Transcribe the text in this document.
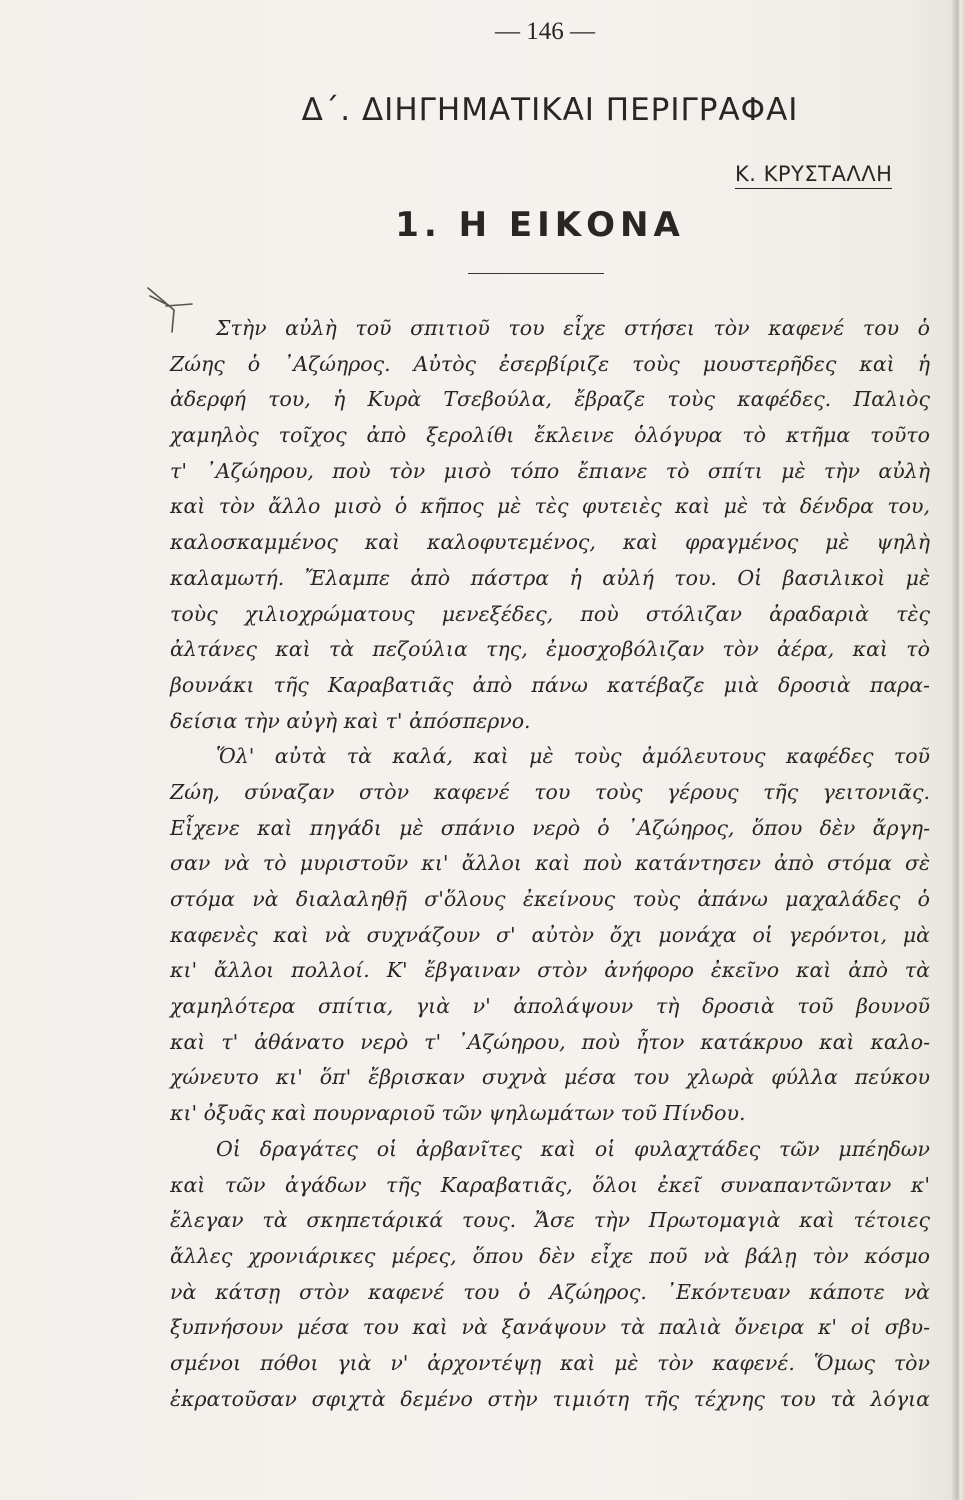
— 146 —
Δ΄. ΔΙΗΓΗΜΑΤΙΚΑΙ ΠΕΡΙΓΡΑΦΑΙ
Κ. ΚΡΥΣΤΑΛΛΗ
1. Η ΕΙΚΟΝΑ
Στὴν αὐλὴ τοῦ σπιτιοῦ του εἶχε στήσει τὸν καφενέ του ὁ
Ζώης ὁ ᾿Αζώηρος. Αὐτὸς ἐσερβίριζε τοὺς μουστερῆδες καὶ ἡ
ἀδερφή του, ἡ Κυρὰ Τσεβούλα, ἔβραζε τοὺς καφέδες. Παλιὸς
χαμηλὸς τοῖχος ἀπὸ ξερολίθι ἔκλεινε ὁλόγυρα τὸ κτῆμα τοῦτο
τ' ᾿Αζώηρου, ποὺ τὸν μισὸ τόπο ἔπιανε τὸ σπίτι μὲ τὴν αὐλὴ
καὶ τὸν ἄλλο μισὸ ὁ κῆπος μὲ τὲς φυτειὲς καὶ μὲ τὰ δένδρα του,
καλοσκαμμένος καὶ καλοφυτεμένος, καὶ φραγμένος μὲ ψηλὴ
καλαμωτή. Ἔλαμπε ἀπὸ πάστρα ἡ αὐλή του. Οἱ βασιλικοὶ μὲ
τοὺς χιλιοχρώματους μενεξέδες, ποὺ στόλιζαν ἀραδαριὰ τὲς
ἀλτάνες καὶ τὰ πεζούλια της, ἐμοσχοβόλιζαν τὸν ἀέρα, καὶ τὸ
βουνάκι τῆς Καραβατιᾶς ἀπὸ πάνω κατέβαζε μιὰ δροσιὰ παρα-
δείσια τὴν αὐγὴ καὶ τ' ἀπόσπερνο.
Ὅλ' αὐτὰ τὰ καλά, καὶ μὲ τοὺς ἀμόλευτους καφέδες τοῦ
Ζώη, σύναζαν στὸν καφενέ του τοὺς γέρους τῆς γειτονιᾶς.
Εἶχενε καὶ πηγάδι μὲ σπάνιο νερὸ ὁ ᾿Αζώηρος, ὅπου δὲν ἄργη-
σαν νὰ τὸ μυριστοῦν κι' ἄλλοι καὶ ποὺ κατάντησεν ἀπὸ στόμα σὲ
στόμα νὰ διαλαληθῇ σ'ὅλους ἐκείνους τοὺς ἀπάνω μαχαλάδες ὁ
καφενὲς καὶ νὰ συχνάζουν σ' αὐτὸν ὄχι μονάχα οἱ γερόντοι, μὰ
κι' ἄλλοι πολλοί. Κ' ἔβγαιναν στὸν ἀνήφορο ἐκεῖνο καὶ ἀπὸ τὰ
χαμηλότερα σπίτια, γιὰ ν' ἀπολάψουν τὴ δροσιὰ τοῦ βουνοῦ
καὶ τ' ἀθάνατο νερὸ τ' ᾿Αζώηρου, ποὺ ἦτον κατάκρυο καὶ καλο-
χώνευτο κι' ὅπ' ἔβρισκαν συχνὰ μέσα του χλωρὰ φύλλα πεύκου
κι' ὀξυᾶς καὶ πουρναριοῦ τῶν ψηλωμάτων τοῦ Πίνδου.
Οἱ δραγάτες οἱ ἀρβανῖτες καὶ οἱ φυλαχτάδες τῶν μπέηδων
καὶ τῶν ἀγάδων τῆς Καραβατιᾶς, ὅλοι ἐκεῖ συναπαντῶνταν κ'
ἔλεγαν τὰ σκηπετάρικά τους. Ἄσε τὴν Πρωτομαγιὰ καὶ τέτοιες
ἄλλες χρονιάρικες μέρες, ὅπου δὲν εἶχε ποῦ νὰ βάλῃ τὸν κόσμο
νὰ κάτσῃ στὸν καφενέ του ὁ Αζώηρος. ᾿Εκόντευαν κάποτε νὰ
ξυπνήσουν μέσα του καὶ νὰ ξανάψουν τὰ παλιὰ ὄνειρα κ' οἱ σβυ-
σμένοι πόθοι γιὰ ν' ἀρχοντέψῃ καὶ μὲ τὸν καφενέ. Ὅμως τὸν
ἐκρατοῦσαν σφιχτὰ δεμένο στὴν τιμιότη τῆς τέχνης του τὰ λόγια
